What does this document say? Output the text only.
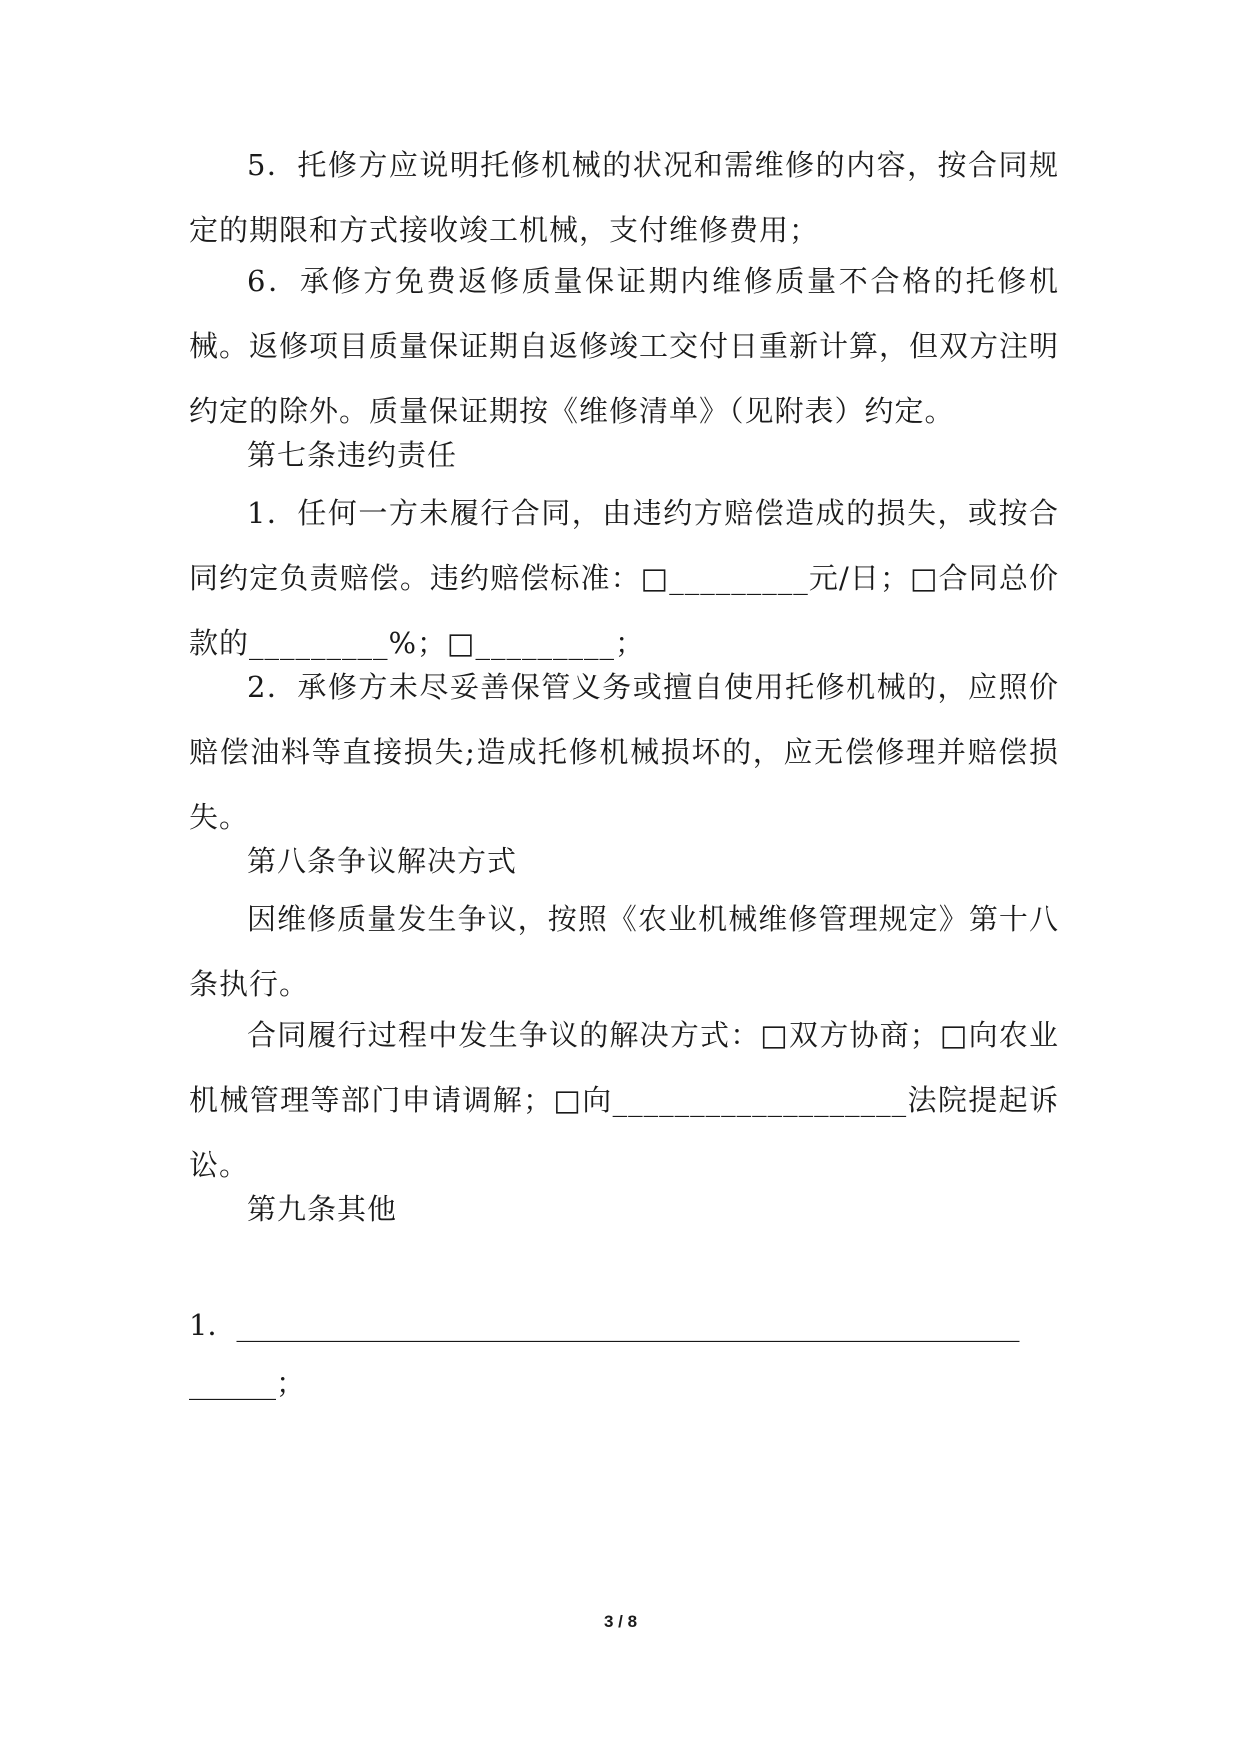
5．托修方应说明托修机械的状况和需维修的内容，按合同规定的期限和方式接收竣工机械，支付维修费用；

6．承修方免费返修质量保证期内维修质量不合格的托修机械。返修项目质量保证期自返修竣工交付日重新计算，但双方注明约定的除外。质量保证期按《维修清单》（见附表）约定。

第七条违约责任

1．任何一方未履行合同，由违约方赔偿造成的损失，或按合同约定负责赔偿。违约赔偿标准：□_________元/日；□合同总价款的_________%；□_________；

2．承修方未尽妥善保管义务或擅自使用托修机械的，应照价赔偿油料等直接损失;造成托修机械损坏的，应无偿修理并赔偿损失。

第八条争议解决方式

因维修质量发生争议，按照《农业机械维修管理规定》第十八条执行。

合同履行过程中发生争议的解决方式：□双方协商；□向农业机械管理等部门申请调解；□向___________________法院提起诉讼。

第九条其他

1．______________________________________________________

______；

3 / 8
